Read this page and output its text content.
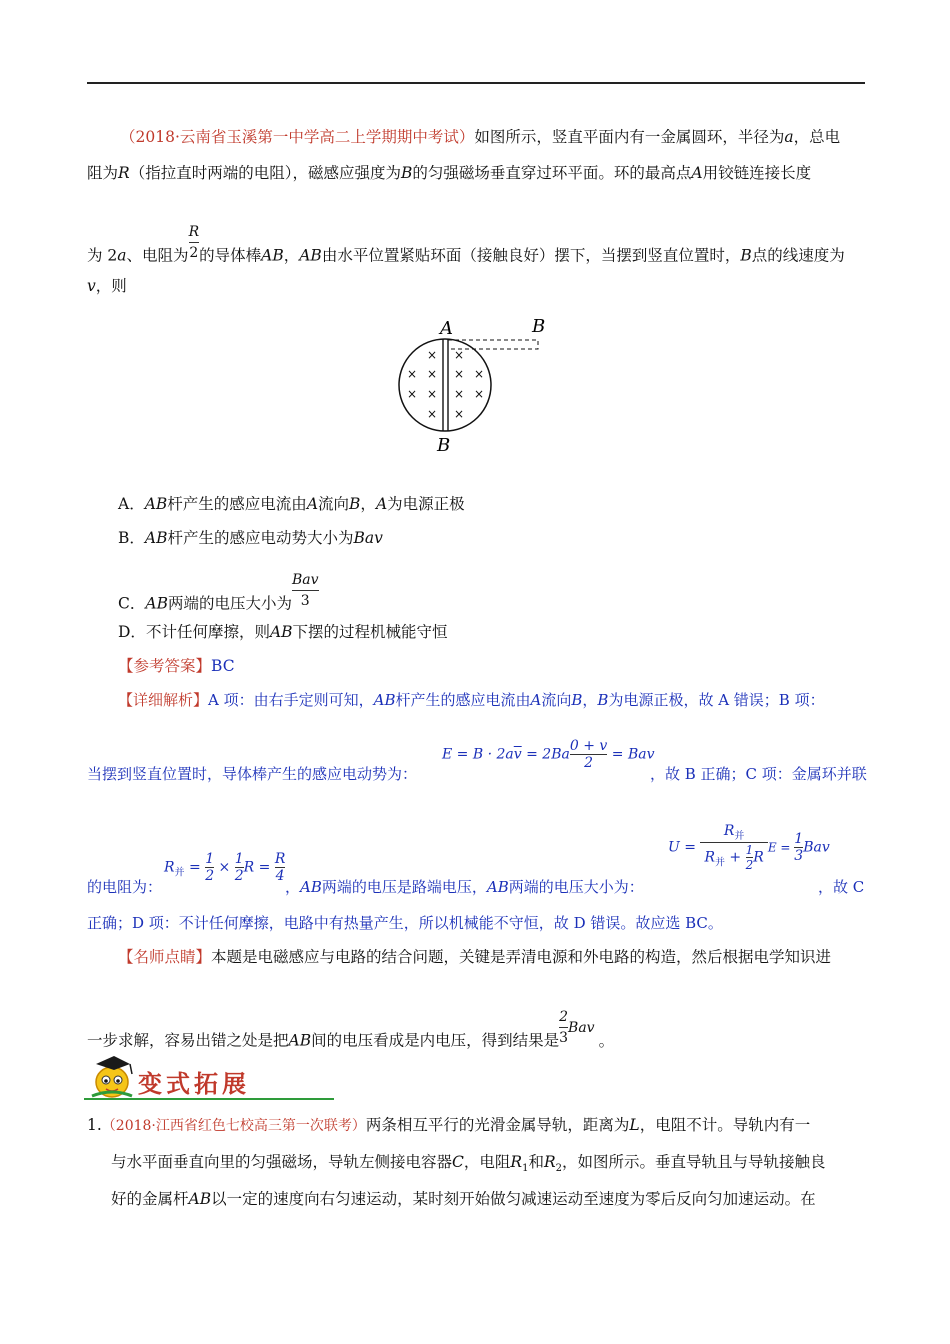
（2018·云南省玉溪第一中学高二上学期期中考试）如图所示，竖直平面内有一金属圆环，半径为a，总电
阻为R（指拉直时两端的电阻），磁感应强度为B的匀强磁场垂直穿过环平面。环的最高点A用铰链连接长度
为 2a、电阻为 $\frac{R}{2}$ 的导体棒AB，AB由水平位置紧贴环面（接触良好）摆下，当摆到竖直位置时，B点的线速度为
v，则
A	B
B
× ×
× × × ×
× × × ×
× ×
A．AB杆产生的感应电流由A流向B，A为电源正极
B．AB杆产生的感应电动势大小为Bav
C．AB两端的电压大小为 $\frac{\text{Bav}}{3}$
D．不计任何摩擦，则AB下摆的过程机械能守恒
【参考答案】BC
【详细解析】A 项：由右手定则可知，AB杆产生的感应电流由A流向B，B为电源正极，故 A 错误；B 项：
当摆到竖直位置时，导体棒产生的感应电动势为：
$E = B \cdot 2a\overline{v} = 2Ba \frac{0 + v}{2}$ = Bav
，故 B 正确；C 项：金属环并联
的电阻为：
$R_并 = \frac{1}{2} \times \frac{1}{2}$ $R = \frac{R}{4}$
，AB两端的电压是路端电压，AB两端的电压大小为：
$U = \frac{R_并}{R_并 + \frac{1}{2} R}$ $E = \frac{1}{3}$ Bav
，故 C
正确；D 项：不计任何摩擦，电路中有热量产生，所以机械能不守恒，故 D 错误。故应选 BC。
【名师点睛】本题是电磁感应与电路的结合问题，关键是弄清电源和外电路的构造，然后根据电学知识进
一步求解，容易出错之处是把AB间的电压看成是内电压，得到结果是 $\frac{2}{3}$ Bav。
变式拓展
1.（2018·江西省红色七校高三第一次联考）两条相互平行的光滑金属导轨，距离为L，电阻不计。导轨内有一
与水平面垂直向里的匀强磁场，导轨左侧接电容器C，电阻$R_1$和$R_2$，如图所示。垂直导轨且与导轨接触良
好的金属杆AB以一定的速度向右匀速运动，某时刻开始做匀减速运动至速度为零后反向匀加速运动。在
